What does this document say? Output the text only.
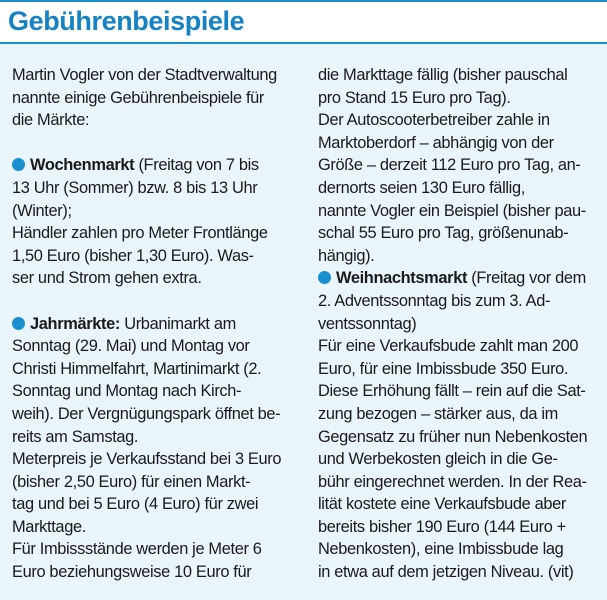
Gebührenbeispiele
Martin Vogler von der Stadtverwaltung
nannte einige Gebührenbeispiele für
die Märkte:
Wochenmarkt (Freitag von 7 bis
13 Uhr (Sommer) bzw. 8 bis 13 Uhr
(Winter);
Händler zahlen pro Meter Frontlänge
1,50 Euro (bisher 1,30 Euro). Was-
ser und Strom gehen extra.
Jahrmärkte: Urbanimarkt am
Sonntag (29. Mai) und Montag vor
Christi Himmelfahrt, Martinimarkt (2.
Sonntag und Montag nach Kirch-
weih). Der Vergnügungspark öffnet be-
reits am Samstag.
Meterpreis je Verkaufsstand bei 3 Euro
(bisher 2,50 Euro) für einen Markt-
tag und bei 5 Euro (4 Euro) für zwei
Markttage.
Für Imbissstände werden je Meter 6
Euro beziehungsweise 10 Euro für
die Markttage fällig (bisher pauschal
pro Stand 15 Euro pro Tag).
Der Autoscooterbetreiber zahle in
Marktoberdorf – abhängig von der
Größe – derzeit 112 Euro pro Tag, an-
dernorts seien 130 Euro fällig,
nannte Vogler ein Beispiel (bisher pau-
schal 55 Euro pro Tag, größenunab-
hängig).
Weihnachtsmarkt (Freitag vor dem
2. Adventssonntag bis zum 3. Ad-
ventssonntag)
Für eine Verkaufsbude zahlt man 200
Euro, für eine Imbissbude 350 Euro.
Diese Erhöhung fällt – rein auf die Sat-
zung bezogen – stärker aus, da im
Gegensatz zu früher nun Nebenkosten
und Werbekosten gleich in die Ge-
bühr eingerechnet werden. In der Rea-
lität kostete eine Verkaufsbude aber
bereits bisher 190 Euro (144 Euro +
Nebenkosten), eine Imbissbude lag
in etwa auf dem jetzigen Niveau. (vit)
